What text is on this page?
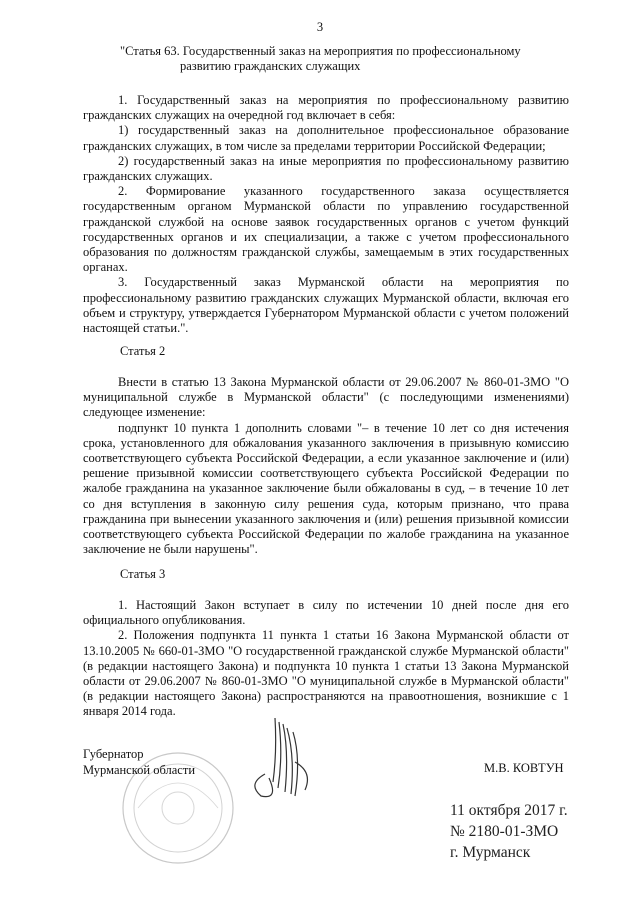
3
"Статья 63. Государственный заказ на мероприятия по профессиональному
развитию гражданских служащих

1. Государственный заказ на мероприятия по профессиональному развитию гражданских служащих на очередной год включает в себя:

1) государственный заказ на дополнительное профессиональное образование гражданских служащих, в том числе за пределами территории Российской Федерации;

2) государственный заказ на иные мероприятия по профессиональному развитию гражданских служащих.

2. Формирование указанного государственного заказа осуществляется государственным органом Мурманской области по управлению государственной гражданской службой на основе заявок государственных органов с учетом функций государственных органов и их специализации, а также с учетом профессионального образования по должностям гражданской службы, замещаемым в этих государственных органах.

3. Государственный заказ Мурманской области на мероприятия по профессиональному развитию гражданских служащих Мурманской области, включая его объем и структуру, утверждается Губернатором Мурманской области с учетом положений настоящей статьи.".

Статья 2

Внести в статью 13 Закона Мурманской области от 29.06.2007 № 860-01-ЗМО "О муниципальной службе в Мурманской области" (с последующими изменениями) следующее изменение:

подпункт 10 пункта 1 дополнить словами "– в течение 10 лет со дня истечения срока, установленного для обжалования указанного заключения в призывную комиссию соответствующего субъекта Российской Федерации, а если указанное заключение и (или) решение призывной комиссии соответствующего субъекта Российской Федерации по жалобе гражданина на указанное заключение были обжалованы в суд, – в течение 10 лет со дня вступления в законную силу решения суда, которым признано, что права гражданина при вынесении указанного заключения и (или) решения призывной комиссии соответствующего субъекта Российской Федерации по жалобе гражданина на указанное заключение не были нарушены".

Статья 3

1. Настоящий Закон вступает в силу по истечении 10 дней после дня его официального опубликования.

2. Положения подпункта 11 пункта 1 статьи 16 Закона Мурманской области от 13.10.2005 № 660-01-ЗМО "О государственной гражданской службе Мурманской области" (в редакции настоящего Закона) и подпункта 10 пункта 1 статьи 13 Закона Мурманской области от 29.06.2007 № 860-01-ЗМО "О муниципальной службе в Мурманской области" (в редакции настоящего Закона) распространяются на правоотношения, возникшие с 1 января 2014 года.

Губернатор
Мурманской области	М.В. КОВТУН
11 октября 2017 г.
№ 2180-01-ЗМО
г. Мурманск
